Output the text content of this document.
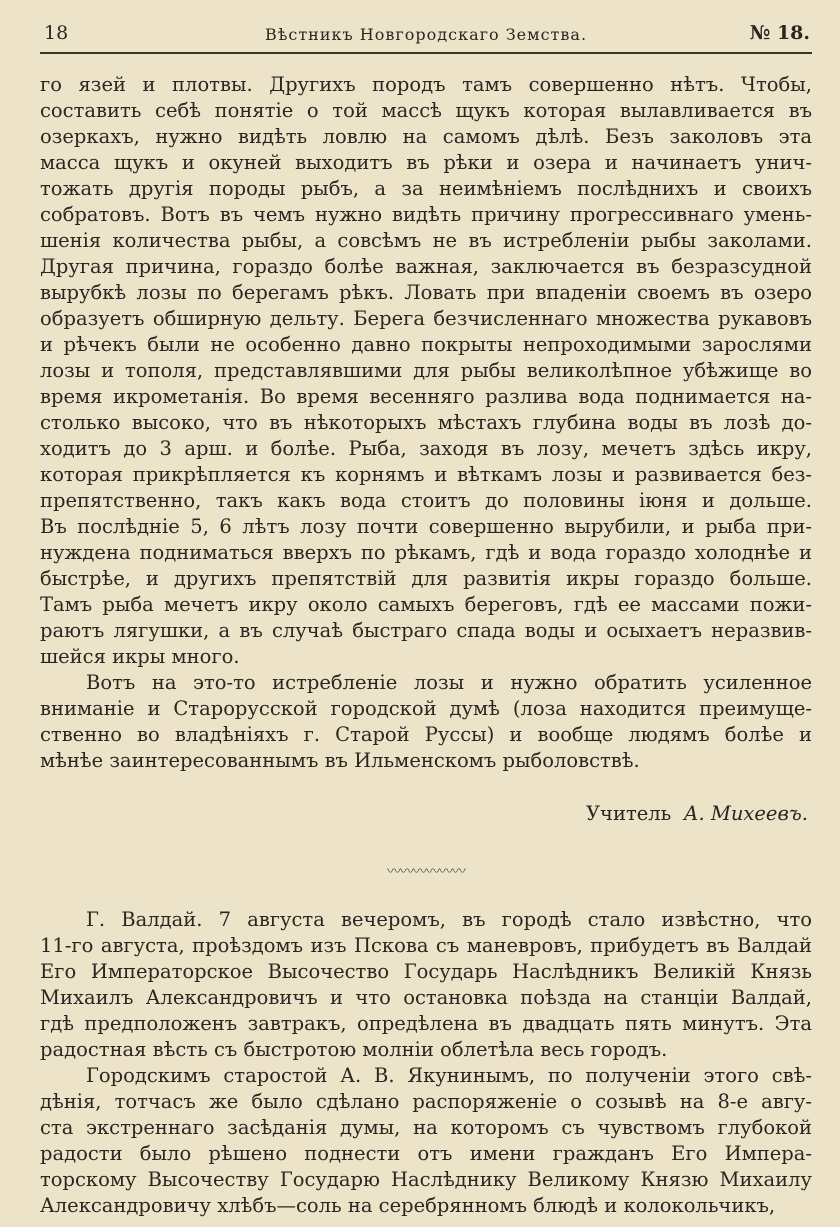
18	Вѣстникъ Новгородскаго Земства.	№ 18.
го язей и плотвы. Другихъ породъ тамъ совершенно нѣтъ. Чтобы,
составить себѣ понятіе о той массѣ щукъ которая вылавливается въ
озеркахъ, нужно видѣть ловлю на самомъ дѣлѣ. Безъ заколовъ эта
масса щукъ и окуней выходитъ въ рѣки и озера и начинаетъ унич-
тожать другія породы рыбъ, а за неимѣніемъ послѣднихъ и своихъ
собратовъ. Вотъ въ чемъ нужно видѣть причину прогрессивнаго умень-
шенія количества рыбы, а совсѣмъ не въ истребленіи рыбы заколами.
Другая причина, гораздо болѣе важная, заключается въ безразсудной
вырубкѣ лозы по берегамъ рѣкъ. Ловать при впаденіи своемъ въ озеро
образуетъ обширную дельту. Берега безчисленнаго множества рукавовъ
и рѣчекъ были не особенно давно покрыты непроходимыми зарослями
лозы и тополя, представлявшими для рыбы великолѣпное убѣжище во
время икрометанія. Во время весенняго разлива вода поднимается на-
столько высоко, что въ нѣкоторыхъ мѣстахъ глубина воды въ лозѣ до-
ходитъ до 3 арш. и болѣе. Рыба, заходя въ лозу, мечетъ здѣсь икру,
которая прикрѣпляется къ корнямъ и вѣткамъ лозы и развивается без-
препятственно, такъ какъ вода стоитъ до половины іюня и дольше.
Въ послѣдніе 5, 6 лѣтъ лозу почти совершенно вырубили, и рыба при-
нуждена подниматься вверхъ по рѣкамъ, гдѣ и вода гораздо холоднѣе и
быстрѣе, и другихъ препятствій для развитія икры гораздо больше.
Тамъ рыба мечетъ икру около самыхъ береговъ, гдѣ ее массами пожи-
раютъ лягушки, а въ случаѣ быстраго спада воды и осыхаетъ неразвив-
шейся икры много.
Вотъ на это-то истребленіе лозы и нужно обратить усиленное
вниманіе и Старорусской городской думѣ (лоза находится преимуще-
ственно во владѣніяхъ г. Старой Руссы) и вообще людямъ болѣе и
мѣнѣе заинтересованнымъ въ Ильменскомъ рыболовствѣ.
Учитель А. Михеевъ.
〰〰〰〰〰〰
Г. Валдай. 7 августа вечеромъ, въ городѣ стало извѣстно, что
11-го августа, проѣздомъ изъ Пскова съ маневровъ, прибудетъ въ Валдай
Его Императорское Высочество Государь Наслѣдникъ Великій Князь
Михаилъ Александровичъ и что остановка поѣзда на станціи Валдай,
гдѣ предположенъ завтракъ, опредѣлена въ двадцать пять минутъ. Эта
радостная вѣсть съ быстротою молніи облетѣла весь городъ.
Городскимъ старостой А. В. Якунинымъ, по полученіи этого свѣ-
дѣнія, тотчасъ же было сдѣлано распоряженіе о созывѣ на 8-е авгу-
ста экстреннаго засѣданія думы, на которомъ съ чувствомъ глубокой
радости было рѣшено поднести отъ имени гражданъ Его Импера-
торскому Высочеству Государю Наслѣднику Великому Князю Михаилу
Александровичу хлѣбъ—соль на серебрянномъ блюдѣ и колокольчикъ,
